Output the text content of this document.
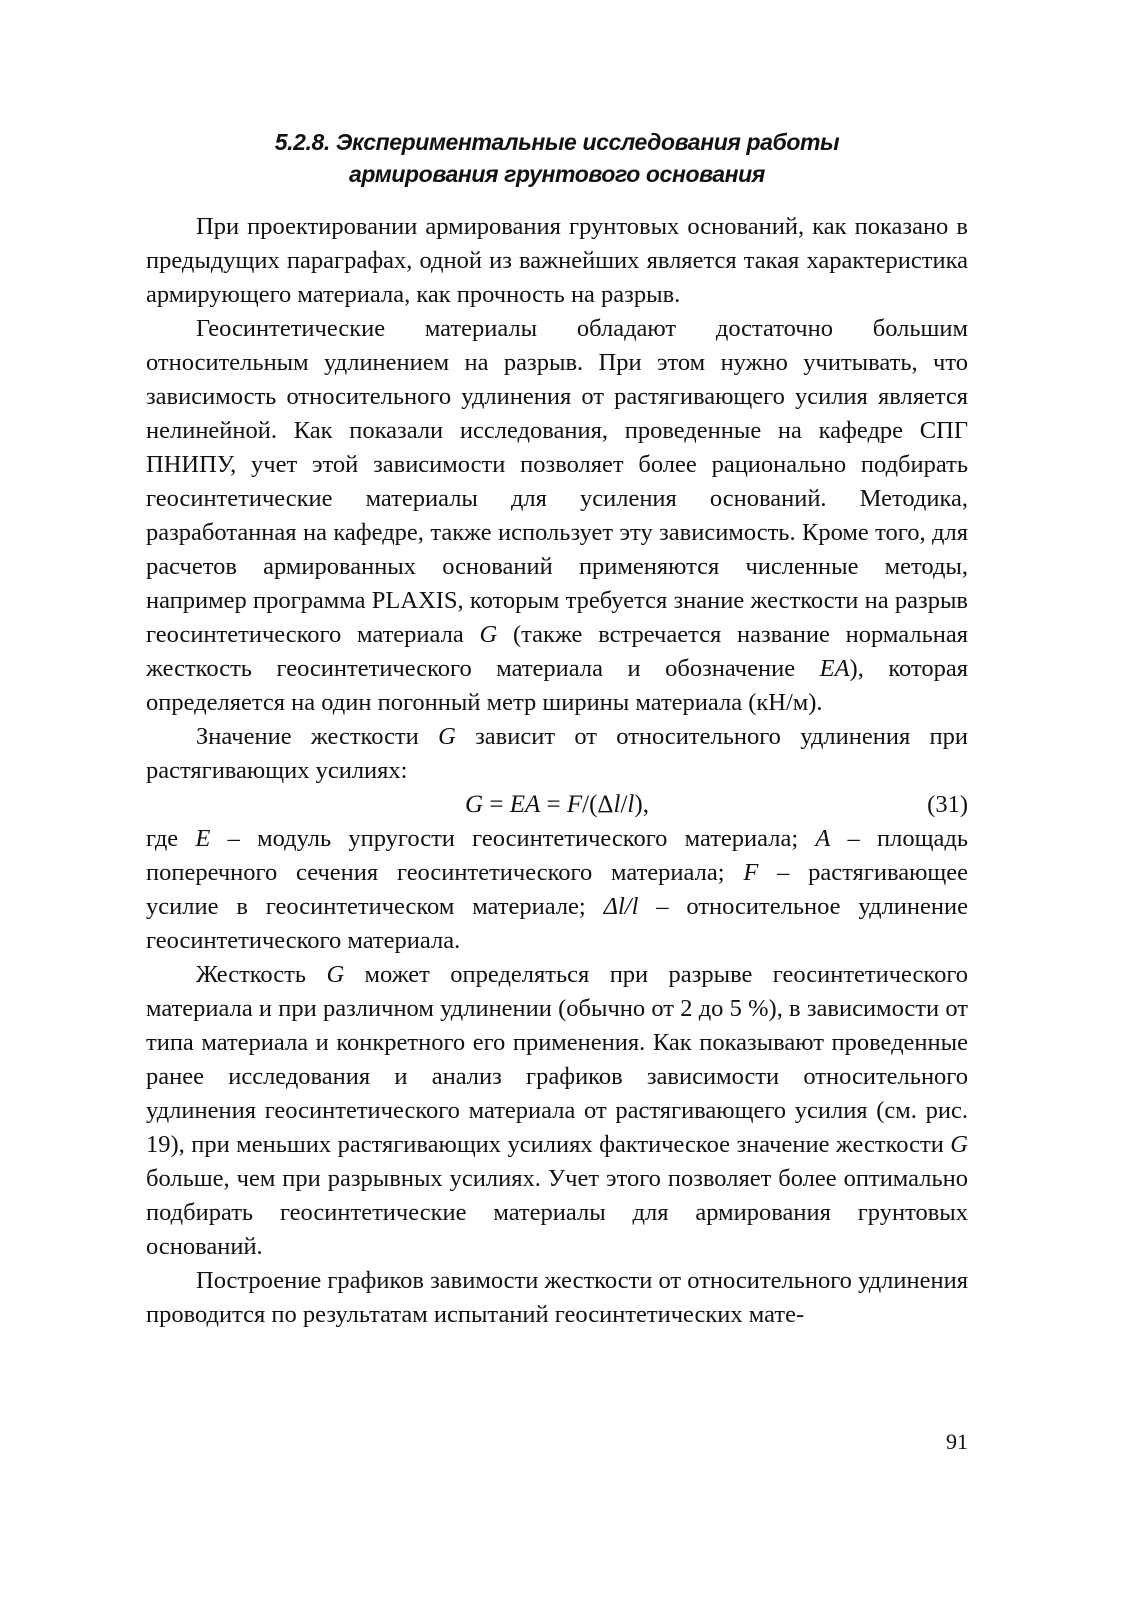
5.2.8. Экспериментальные исследования работы
армирования грунтового основания

При проектировании армирования грунтовых оснований, как показано в предыдущих параграфах, одной из важнейших является такая характеристика армирующего материала, как прочность на разрыв.

Геосинтетические материалы обладают достаточно большим относительным удлинением на разрыв. При этом нужно учитывать, что зависимость относительного удлинения от растягивающего усилия является нелинейной. Как показали исследования, проведенные на кафедре СПГ ПНИПУ, учет этой зависимости позволяет более рационально подбирать геосинтетические материалы для усиления оснований. Методика, разработанная на кафедре, также использует эту зависимость. Кроме того, для расчетов армированных оснований применяются численные методы, например программа PLAXIS, которым требуется знание жесткости на разрыв геосинтетического материала G (также встречается название нормальная жесткость геосинтетического материала и обозначение EA), которая определяется на один погонный метр ширины материала (кН/м).

Значение жесткости G зависит от относительного удлинения при растягивающих усилиях:

G = EA = F/(Δl/l),	(31)

где E – модуль упругости геосинтетического материала; A – площадь поперечного сечения геосинтетического материала; F – растягивающее усилие в геосинтетическом материале; Δl/l – относительное удлинение геосинтетического материала.

Жесткость G может определяться при разрыве геосинтетического материала и при различном удлинении (обычно от 2 до 5 %), в зависимости от типа материала и конкретного его применения. Как показывают проведенные ранее исследования и анализ графиков зависимости относительного удлинения геосинтетического материала от растягивающего усилия (см. рис. 19), при меньших растягивающих усилиях фактическое значение жесткости G больше, чем при разрывных усилиях. Учет этого позволяет более оптимально подбирать геосинтетические материалы для армирования грунтовых оснований.

Построение графиков завимости жесткости от относительного удлинения проводится по результатам испытаний геосинтетических мате-

91
